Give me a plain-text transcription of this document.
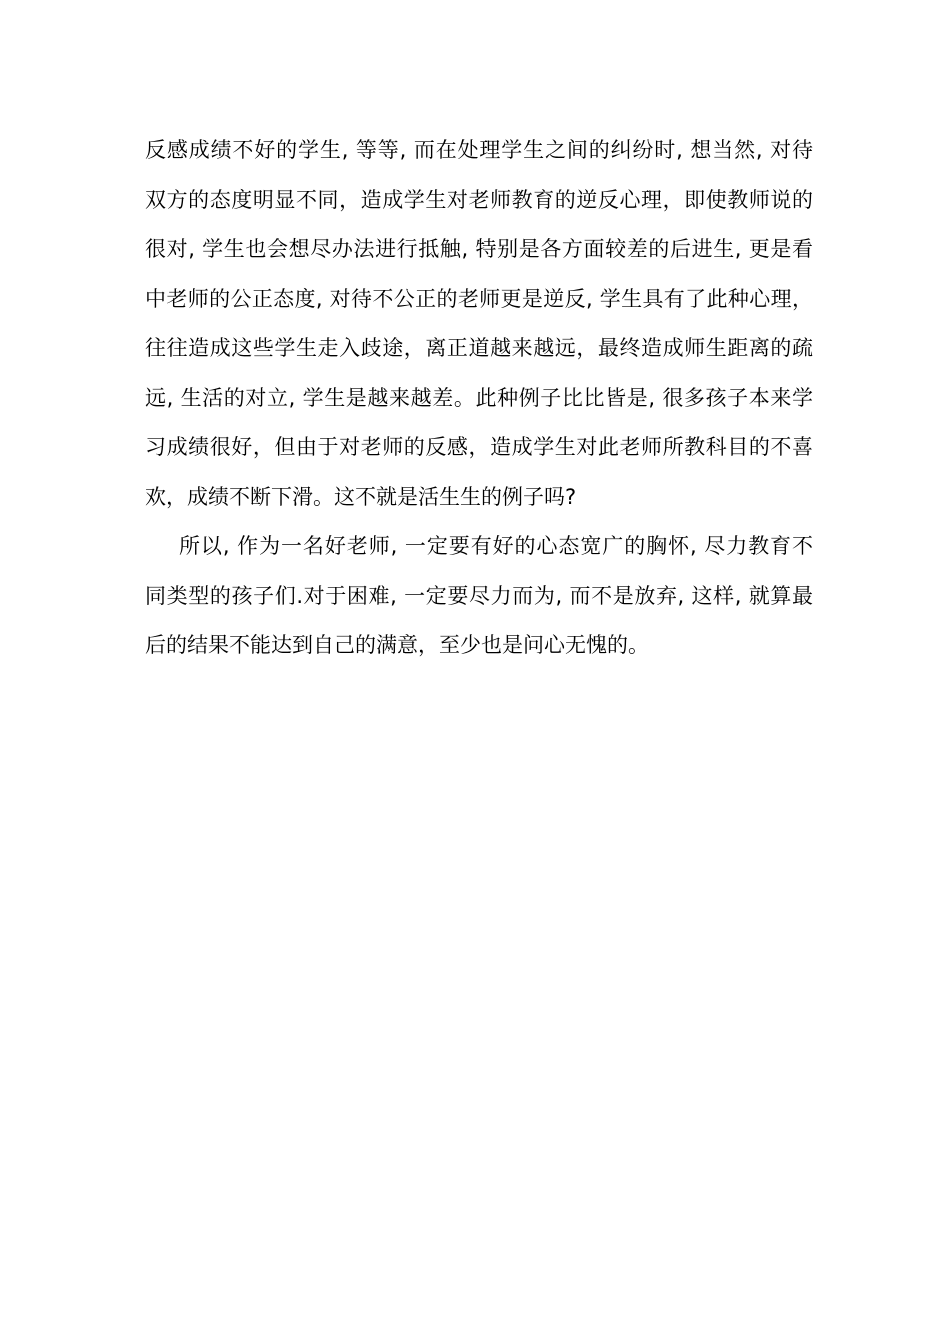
反感成绩不好的学生, 等等, 而在处理学生之间的纠纷时, 想当然, 对待
双方的态度明显不同，造成学生对老师教育的逆反心理，即使教师说的
很对, 学生也会想尽办法进行抵触, 特别是各方面较差的后进生, 更是看
中老师的公正态度, 对待不公正的老师更是逆反, 学生具有了此种心理，
往往造成这些学生走入歧途，离正道越来越远，最终造成师生距离的疏
远, 生活的对立, 学生是越来越差。此种例子比比皆是, 很多孩子本来学
习成绩很好，但由于对老师的反感，造成学生对此老师所教科目的不喜
欢，成绩不断下滑。这不就是活生生的例子吗?
所以, 作为一名好老师, 一定要有好的心态宽广的胸怀, 尽力教育不
同类型的孩子们.对于困难, 一定要尽力而为, 而不是放弃, 这样, 就算最
后的结果不能达到自己的满意，至少也是问心无愧的。
